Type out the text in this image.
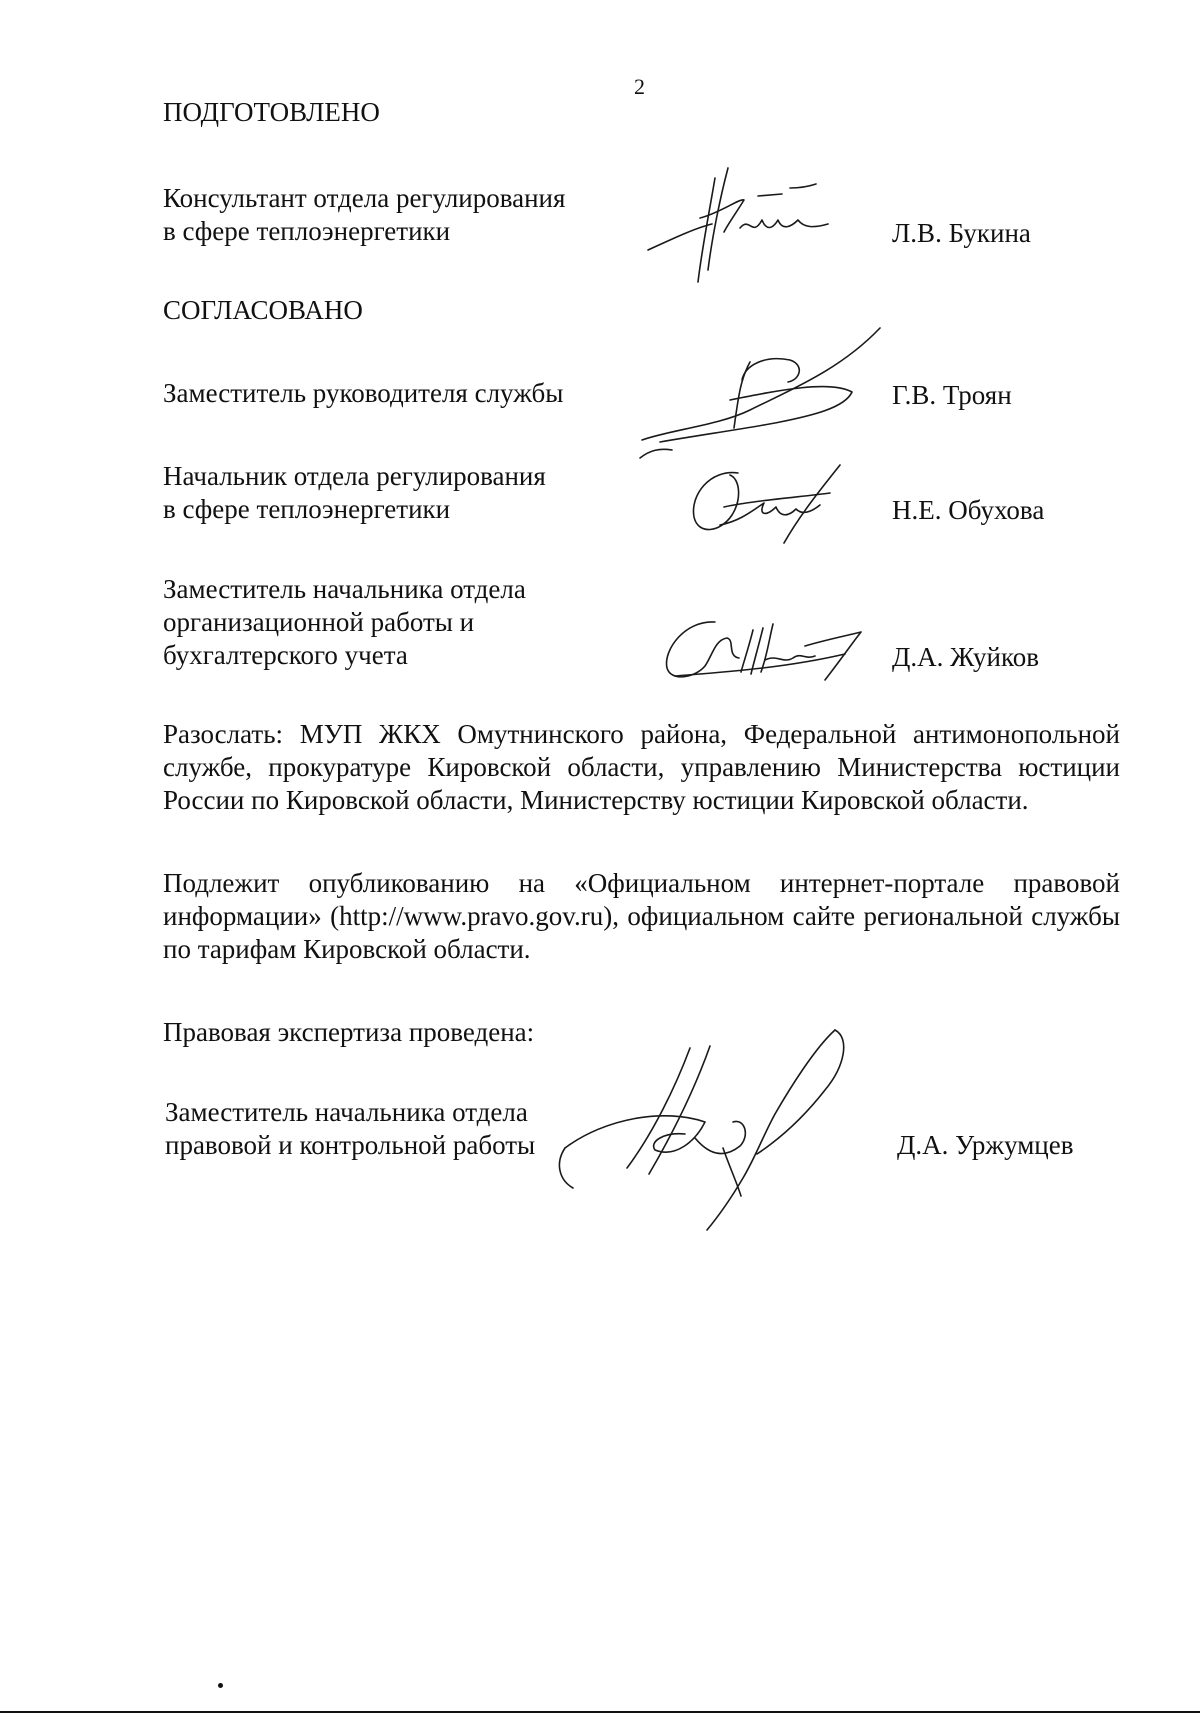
2
ПОДГОТОВЛЕНО
Консультант отдела регулирования
в сфере теплоэнергетики	Л.В. Букина
СОГЛАСОВАНО
Заместитель руководителя службы	Г.В. Троян
Начальник отдела регулирования
в сфере теплоэнергетики	Н.Е. Обухова
Заместитель начальника отдела
организационной работы и
бухгалтерского учета	Д.А. Жуйков
Разослать: МУП ЖКХ Омутнинского района, Федеральной антимонопольной службе, прокуратуре Кировской области, управлению Министерства юстиции России по Кировской области, Министерству юстиции Кировской области.
Подлежит опубликованию на «Официальном интернет-портале правовой информации» (http://www.pravo.gov.ru), официальном сайте региональной службы по тарифам Кировской области.
Правовая экспертиза проведена:
Заместитель начальника отдела
правовой и контрольной работы	Д.А. Уржумцев
